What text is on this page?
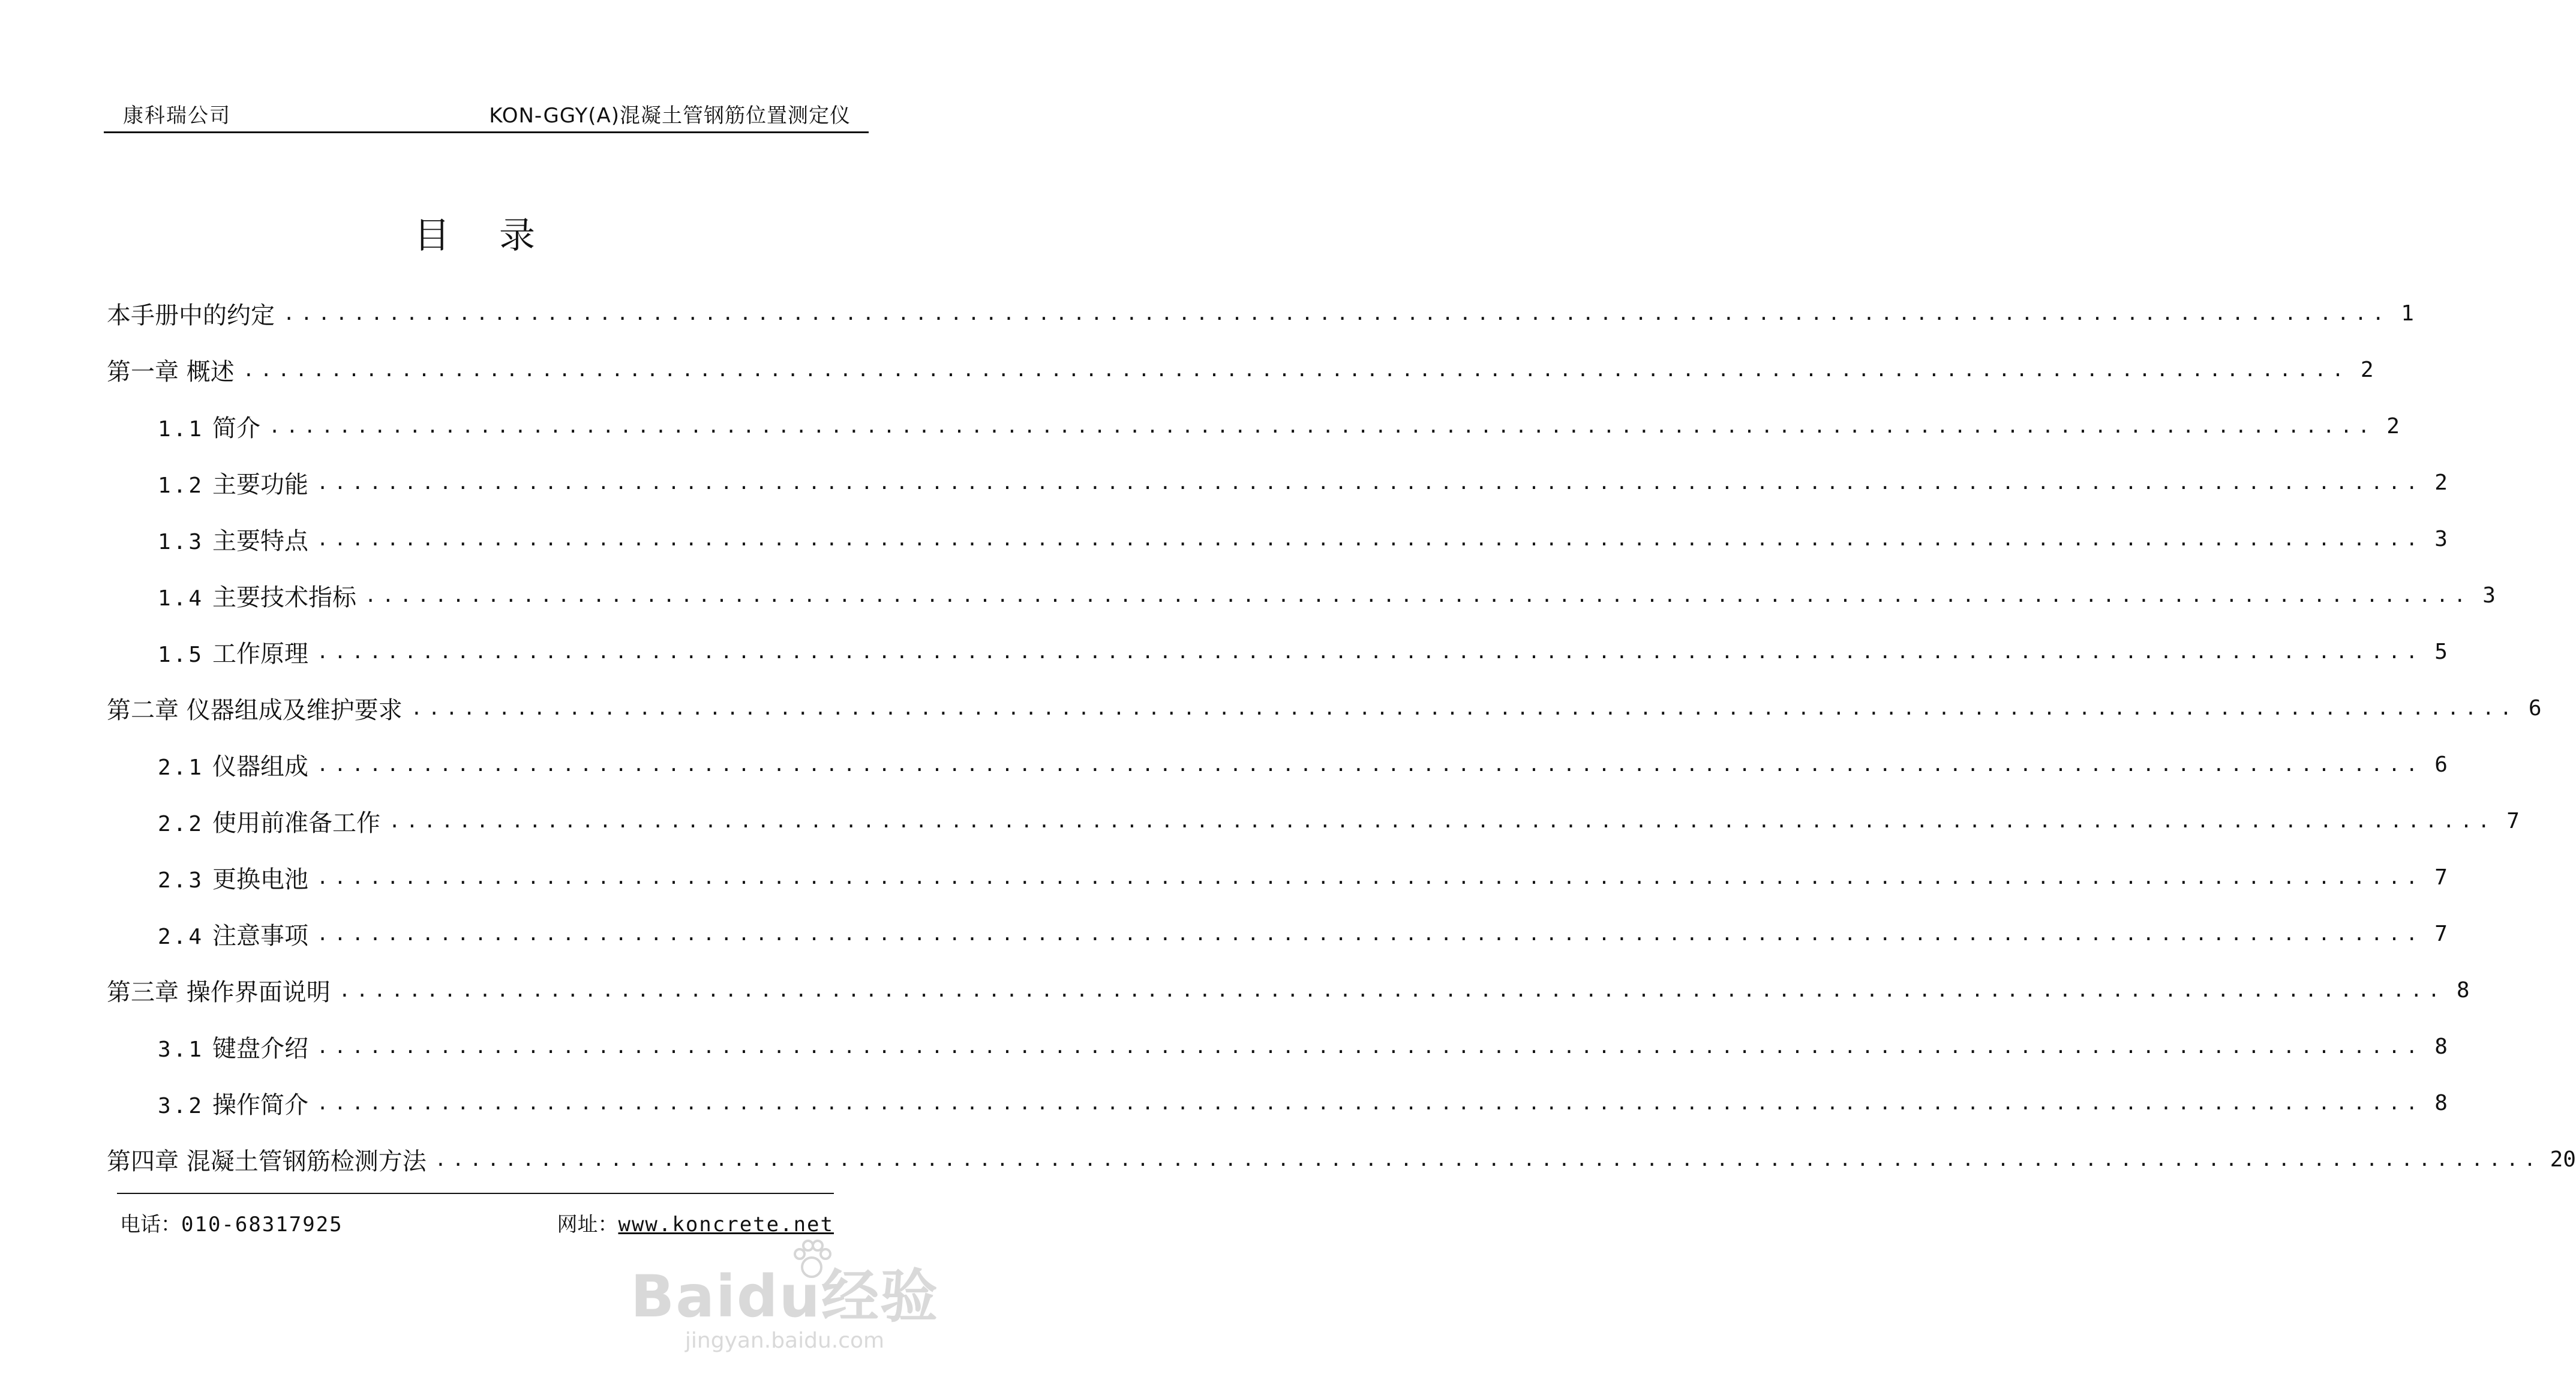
康科瑞公司	KON-GGY(A)混凝土管钢筋位置测定仪
目 录
本手册中的约定 ........................................................................................................................ 1
第一章 概述 ........................................................................................................................ 2
1.1 简介 ........................................................................................................................ 2
1.2 主要功能 ........................................................................................................................ 2
1.3 主要特点 ........................................................................................................................ 3
1.4 主要技术指标 ........................................................................................................................ 3
1.5 工作原理 ........................................................................................................................ 5
第二章 仪器组成及维护要求 ........................................................................................................................ 6
2.1 仪器组成 ........................................................................................................................ 6
2.2 使用前准备工作 ........................................................................................................................ 7
2.3 更换电池 ........................................................................................................................ 7
2.4 注意事项 ........................................................................................................................ 7
第三章 操作界面说明 ........................................................................................................................ 8
3.1 键盘介绍 ........................................................................................................................ 8
3.2 操作简介 ........................................................................................................................ 8
第四章 混凝土管钢筋检测方法 ........................................................................................................................ 20
电话：010-68317925	网址：www.koncrete.net
Baidu经验
jingyan.baidu.com
